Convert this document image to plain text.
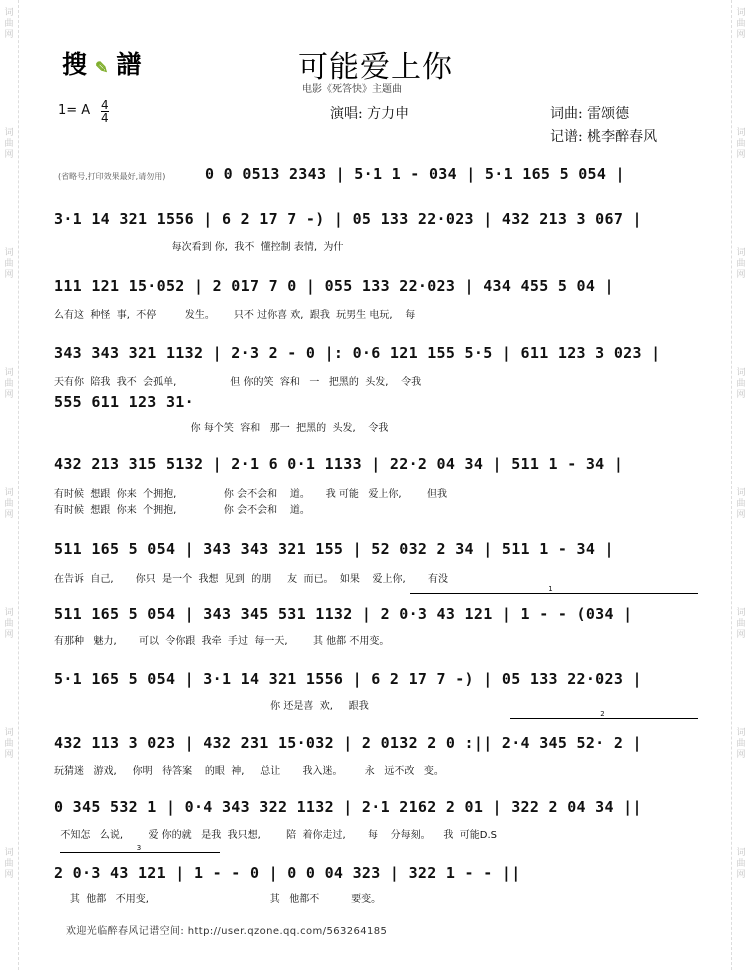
词
曲
网
词
曲
网
词
曲
网
词
曲
网
词
曲
网
词
曲
网
词
曲
网
词
曲
网
词
曲
网
词
曲
网
词
曲
网
词
曲
网
词
曲
网
词
曲
网
词
曲
网
词
曲
网
搜 ✎ 譜	可能爱上你
电影《死答快》主题曲
1= A 4
4	演唱: 方力申	词曲: 雷颂德
记谱: 桃李醉春风
(省略号,打印效果最好,请勿用)	0 0 0513 2343 | 5·1 1 - 034 | 5·1 165 5 054 |
3·1 14 321 1556 | 6 2 17 7 -) | 05 133 22·023 | 432 213 3 067 |
每次看到 你,  我不  懂控制 表情,  为什
111 121 15·052 | 2 017 7 0 | 055 133 22·023 | 434 455 5 04 |
么有这  种怪  事,  不停         发生。      只不 过你喜 欢,  跟我  玩男生 电玩,    每
343 343 321 1132 | 2·3 2 - 0 |: 0·6 121 155 5·5 | 611 123 3 023 |
天有你  陪我  我不  会孤单,                 但 你的笑  容和   一   把黑的  头发,    令我
555 611 123 31·
你 每个笑  容和   那一  把黑的  头发,    令我
432 213 315 5132 | 2·1 6 0·1 1133 | 22·2 04 34 | 511 1 - 34 |
有时候  想跟  你来  个拥抱,               你 会不会和    道。     我 可能   爱上你,        但我
有时候  想跟  你来  个拥抱,               你 会不会和    道。
511 165 5 054 | 343 343 321 155 | 52 032 2 34 | 511 1 - 34 |
在告诉  自己,       你只  是一个  我想  见到  的朋     友  而已。  如果    爱上你,       有没
1
511 165 5 054 | 343 345 531 1132 | 2 0·3 43 121 | 1 - - (034 |
有那种   魅力,       可以  令你跟  我牵  手过  每一天,        其 他都 不用变。
5·1 165 5 054 | 3·1 14 321 1556 | 6 2 17 7 -) | 05 133 22·023 |
你 还是喜  欢,     跟我
2
432 113 3 023 | 432 231 15·032 | 2 0132 2 0 :|| 2·4 345 52· 2 |
玩猜迷   游戏,     你明   待答案    的眼  神,     总让       我入迷。       永   远不改   变。
0 345 532 1 | 0·4 343 322 1132 | 2·1 2162 2 01 | 322 2 04 34 ||
不知怎   么说,        爱 你的就   是我  我只想,        陪  着你走过,       每    分每刻。    我  可能D.S
3
2 0·3 43 121 | 1 - - 0 | 0 0 04 323 | 322 1 - - ||
其  他都   不用变,                                      其   他都不          要变。
欢迎光临醉春风记谱空间: http://user.qzone.qq.com/563264185
